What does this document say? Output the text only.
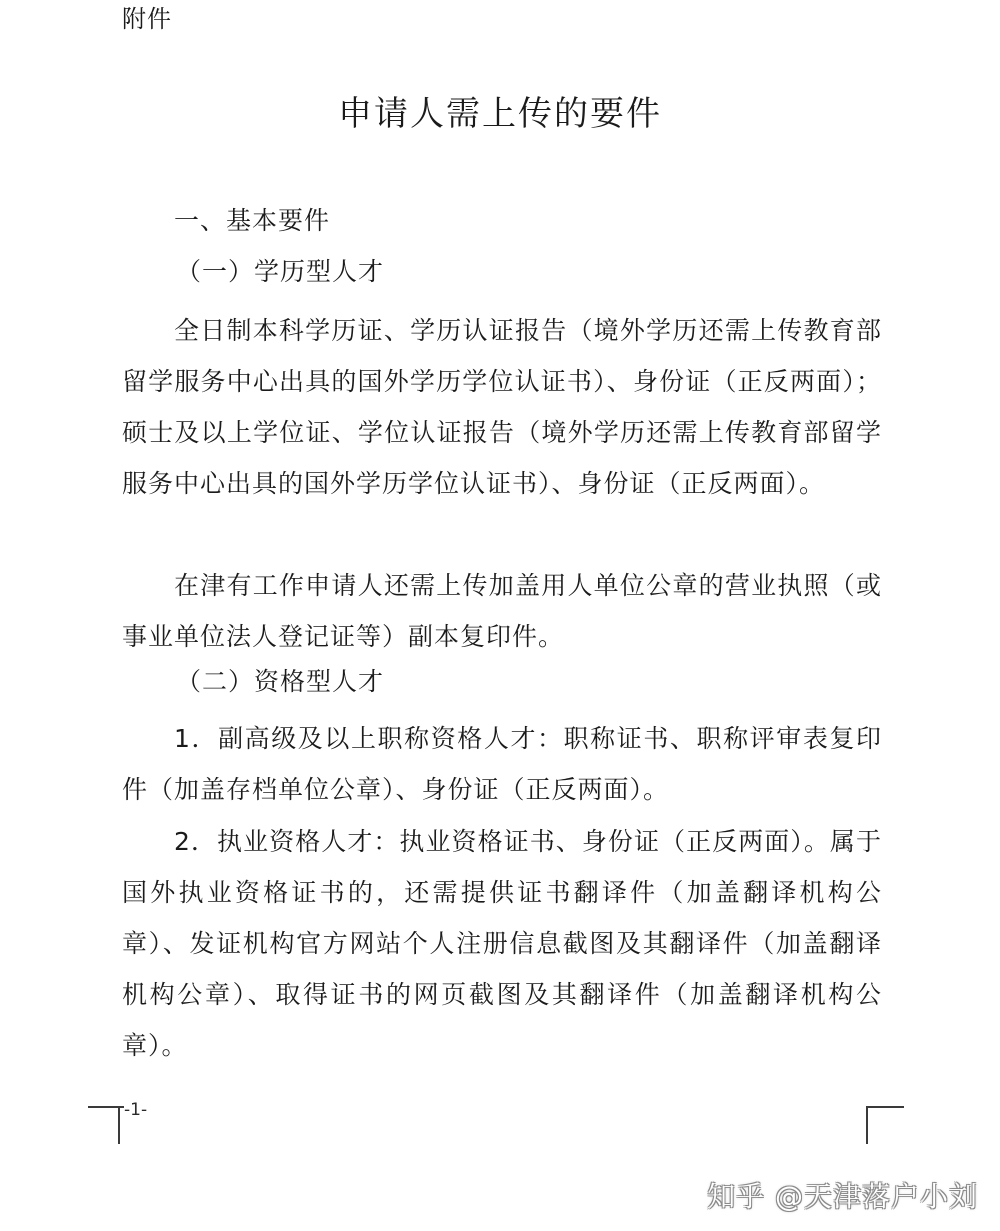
附件
申请人需上传的要件
一、基本要件
（一）学历型人才
全日制本科学历证、学历认证报告（境外学历还需上传教育部留学服务中心出具的国外学历学位认证书）、身份证（正反两面）；硕士及以上学位证、学位认证报告（境外学历还需上传教育部留学服务中心出具的国外学历学位认证书）、身份证（正反两面）。
在津有工作申请人还需上传加盖用人单位公章的营业执照（或事业单位法人登记证等）副本复印件。
（二）资格型人才
1．副高级及以上职称资格人才：职称证书、职称评审表复印件（加盖存档单位公章）、身份证（正反两面）。
2．执业资格人才：执业资格证书、身份证（正反两面）。属于国外执业资格证书的，还需提供证书翻译件（加盖翻译机构公章）、发证机构官方网站个人注册信息截图及其翻译件（加盖翻译机构公章）、取得证书的网页截图及其翻译件（加盖翻译机构公章）。
-1-
知乎 @天津落户小刘
